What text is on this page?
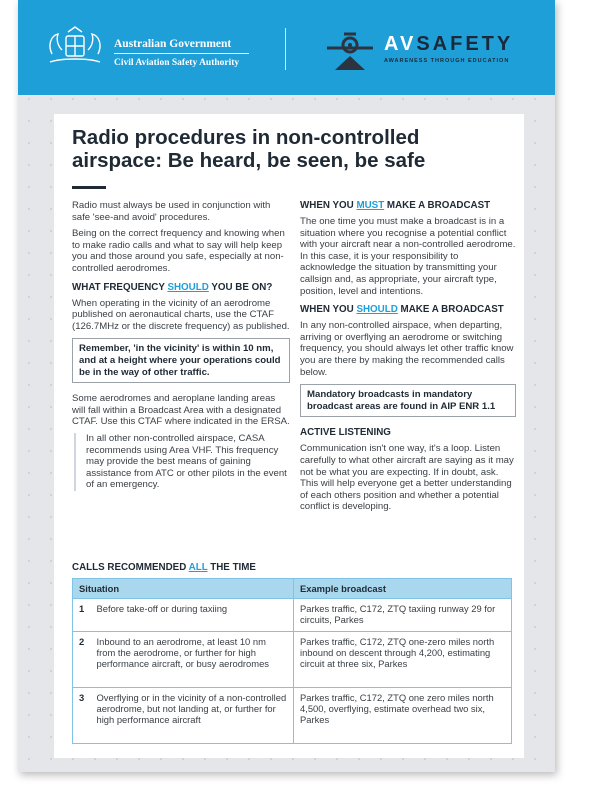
Australian Government
Civil Aviation Safety Authority
AVSAFETY
AWARENESS THROUGH EDUCATION
Radio procedures in non-controlled airspace: Be heard, be seen, be safe

Radio must always be used in conjunction with safe 'see-and avoid' procedures.

Being on the correct frequency and knowing when to make radio calls and what to say will help keep you and those around you safe, especially at non-controlled aerodromes.

WHAT FREQUENCY SHOULD YOU BE ON?

When operating in the vicinity of an aerodrome published on aeronautical charts, use the CTAF (126.7MHz or the discrete frequency) as published.

Remember, 'in the vicinity' is within 10 nm, and at a height where your operations could be in the way of other traffic.

Some aerodromes and aeroplane landing areas will fall within a Broadcast Area with a designated CTAF. Use this CTAF where indicated in the ERSA.

In all other non-controlled airspace, CASA recommends using Area VHF. This frequency may provide the best means of gaining assistance from ATC or other pilots in the event of an emergency.

WHEN YOU MUST MAKE A BROADCAST

The one time you must make a broadcast is in a situation where you recognise a potential conflict with your aircraft near a non-controlled aerodrome. In this case, it is your responsibility to acknowledge the situation by transmitting your callsign and, as appropriate, your aircraft type, position, level and intentions.

WHEN YOU SHOULD MAKE A BROADCAST

In any non-controlled airspace, when departing, arriving or overflying an aerodrome or switching frequency, you should always let other traffic know you are there by making the recommended calls below.

Mandatory broadcasts in mandatory broadcast areas are found in AIP ENR 1.1
ACTIVE LISTENING

Communication isn't one way, it's a loop. Listen carefully to what other aircraft are saying as it may not be what you are expecting. If in doubt, ask. This will help everyone get a better understanding of each others position and whether a potential conflict is developing.

CALLS RECOMMENDED ALL THE TIME
Situation		Example broadcast
1	Before take-off or during taxiing	Parkes traffic, C172, ZTQ taxiing runway 29 for circuits, Parkes
2	Inbound to an aerodrome, at least 10 nm from the aerodrome, or further for high performance aircraft, or busy aerodromes	Parkes traffic, C172, ZTQ one-zero miles north inbound on descent through 4,200, estimating circuit at three six, Parkes
3	Overflying or in the vicinity of a non-controlled aerodrome, but not landing at, or further for high performance aircraft	Parkes traffic, C172, ZTQ one zero miles north 4,500, overflying, estimate overhead two six, Parkes
